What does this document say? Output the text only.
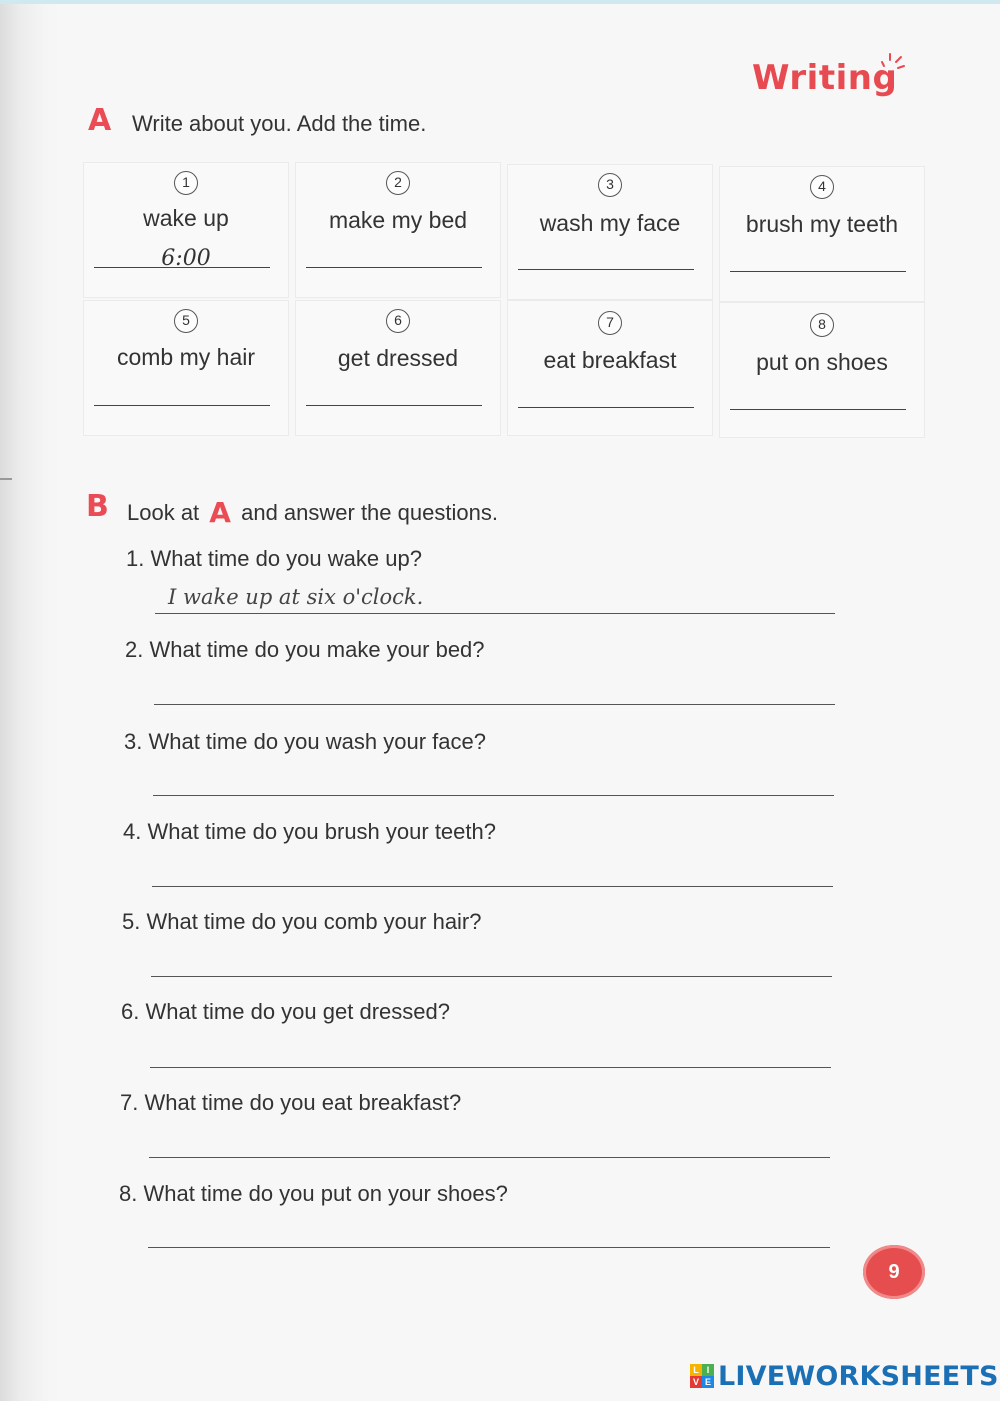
Writing
A Write about you. Add the time.
1
wake up
6:00
2
make my bed
3
wash my face
4
brush my teeth
5
comb my hair
6
get dressed
7
eat breakfast
8
put on shoes
B Look at A and answer the questions.
1. What time do you wake up?
I wake up at six o'clock.
2. What time do you make your bed?
3. What time do you wash your face?
4. What time do you brush your teeth?
5. What time do you comb your hair?
6. What time do you get dressed?
7. What time do you eat breakfast?
8. What time do you put on your shoes?
9
L I
V E LIVEWORKSHEETS
